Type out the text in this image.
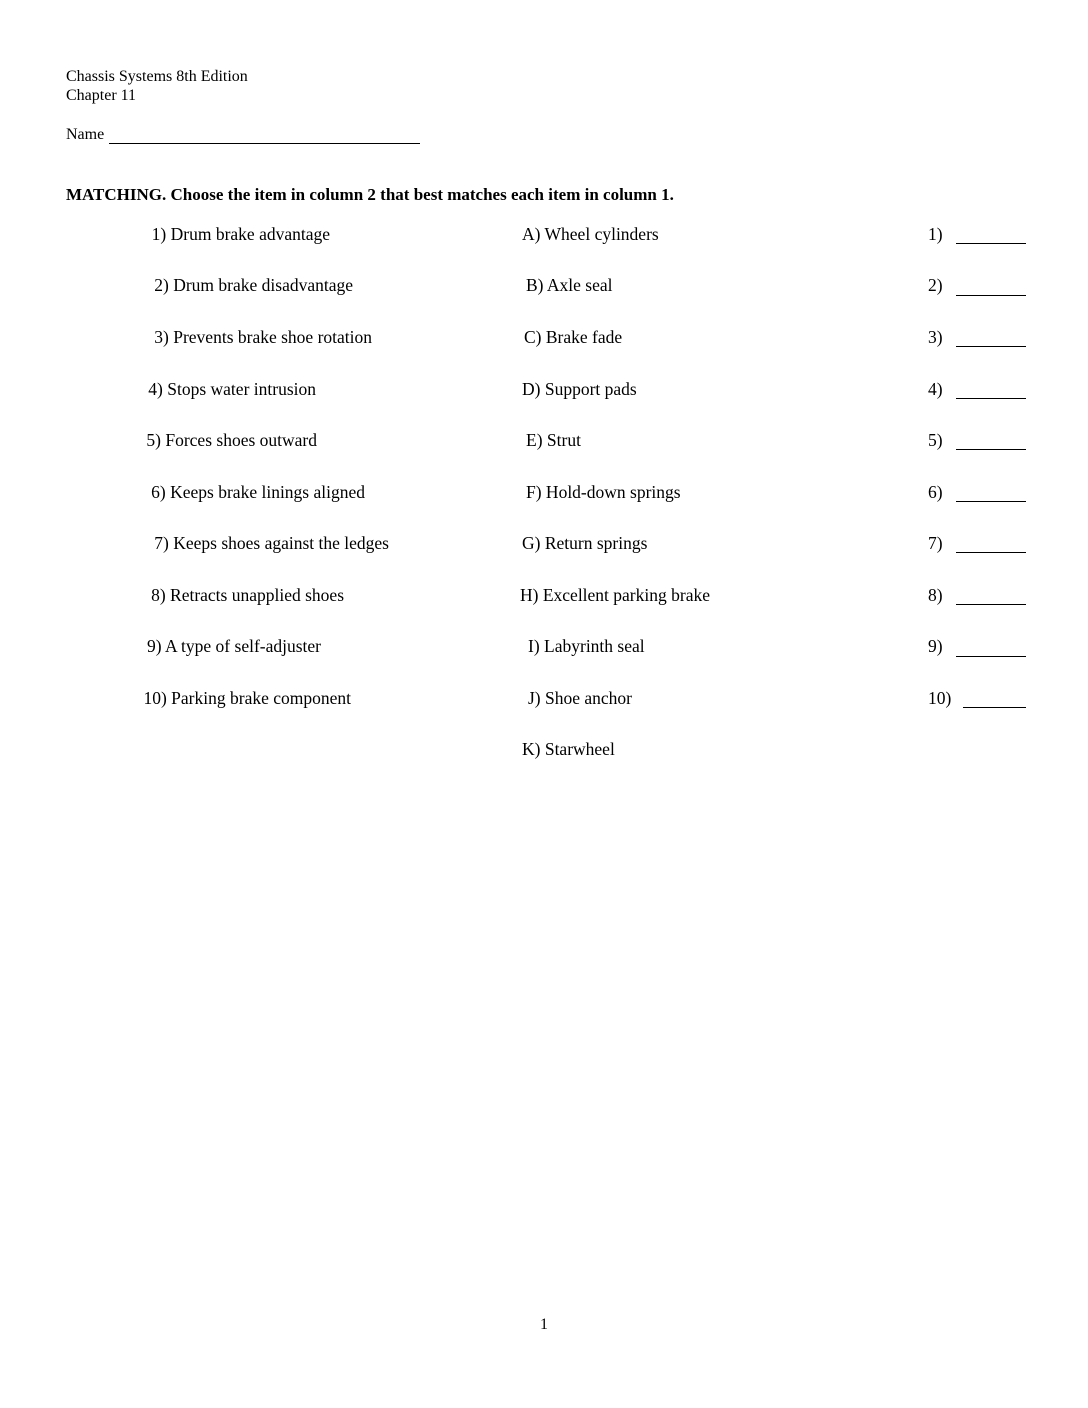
Chassis Systems 8th Edition
Chapter 11
Name
MATCHING. Choose the item in column 2 that best matches each item in column 1.
1) Drum brake advantage
2) Drum brake disadvantage
3) Prevents brake shoe rotation
4) Stops water intrusion
5) Forces shoes outward
6) Keeps brake linings aligned
7) Keeps shoes against the ledges
8) Retracts unapplied shoes
9) A type of self-adjuster
10) Parking brake component
A) Wheel cylinders
B) Axle seal
C) Brake fade
D) Support pads
E) Strut
F) Hold-down springs
G) Return springs
H) Excellent parking brake
I) Labyrinth seal
J) Shoe anchor
K) Starwheel
1)
2)
3)
4)
5)
6)
7)
8)
9)
10)
1
